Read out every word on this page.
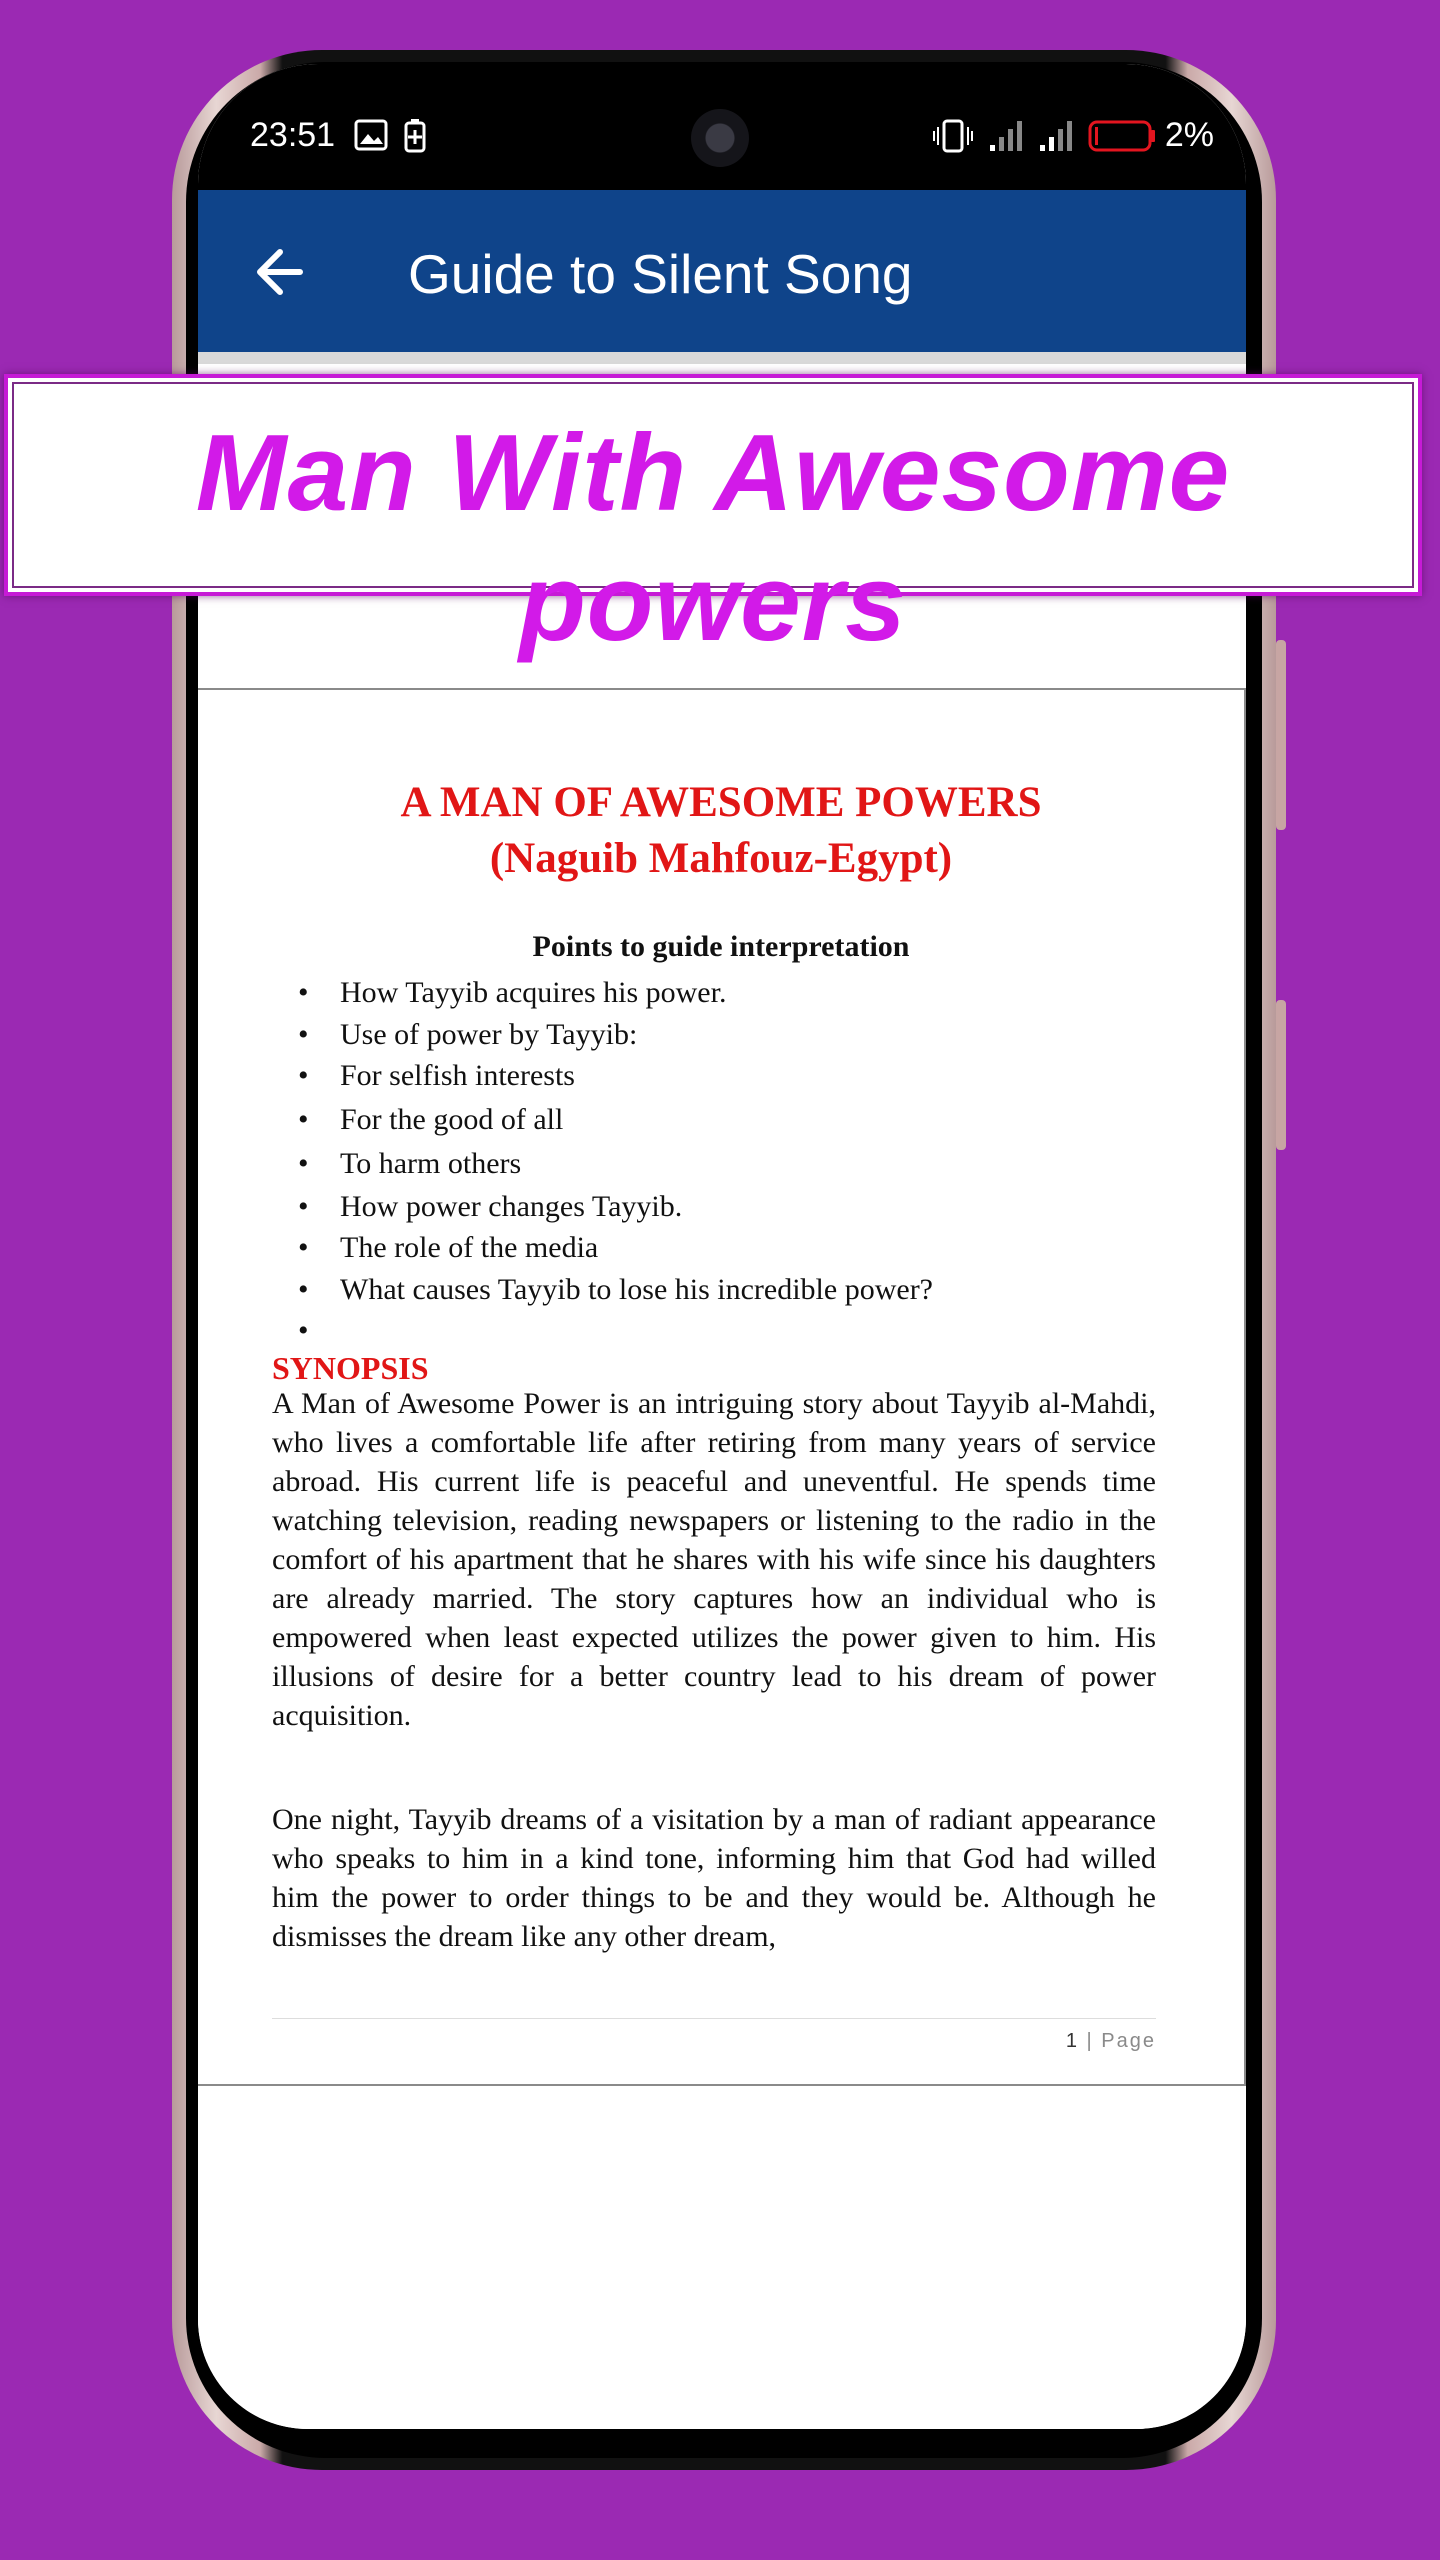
23:51	2%
Guide to Silent Song
A MAN OF AWESOME POWERS
(Naguib Mahfouz-Egypt)
Points to guide interpretation
• How Tayyib acquires his power.
• Use of power by Tayyib:
• For selfish interests
• For the good of all
• To harm others
• How power changes Tayyib.
• The role of the media
• What causes Tayyib to lose his incredible power?
•
SYNOPSIS

A Man of Awesome Power is an intriguing story about Tayyib al-Mahdi, who lives a comfortable life after retiring from many years of service abroad. His current life is peaceful and uneventful. He spends time watching television, reading newspapers or listening to the radio in the comfort of his apartment that he shares with his wife since his daughters are already married. The story captures how an individual who is empowered when least expected utilizes the power given to him. His illusions of desire for a better country lead to his dream of power acquisition.

One night, Tayyib dreams of a visitation by a man of radiant appearance who speaks to him in a kind tone, informing him that God had willed him the power to order things to be and they would be. Although he dismisses the dream like any other dream,

1 | Page
Man With Awesome powers
